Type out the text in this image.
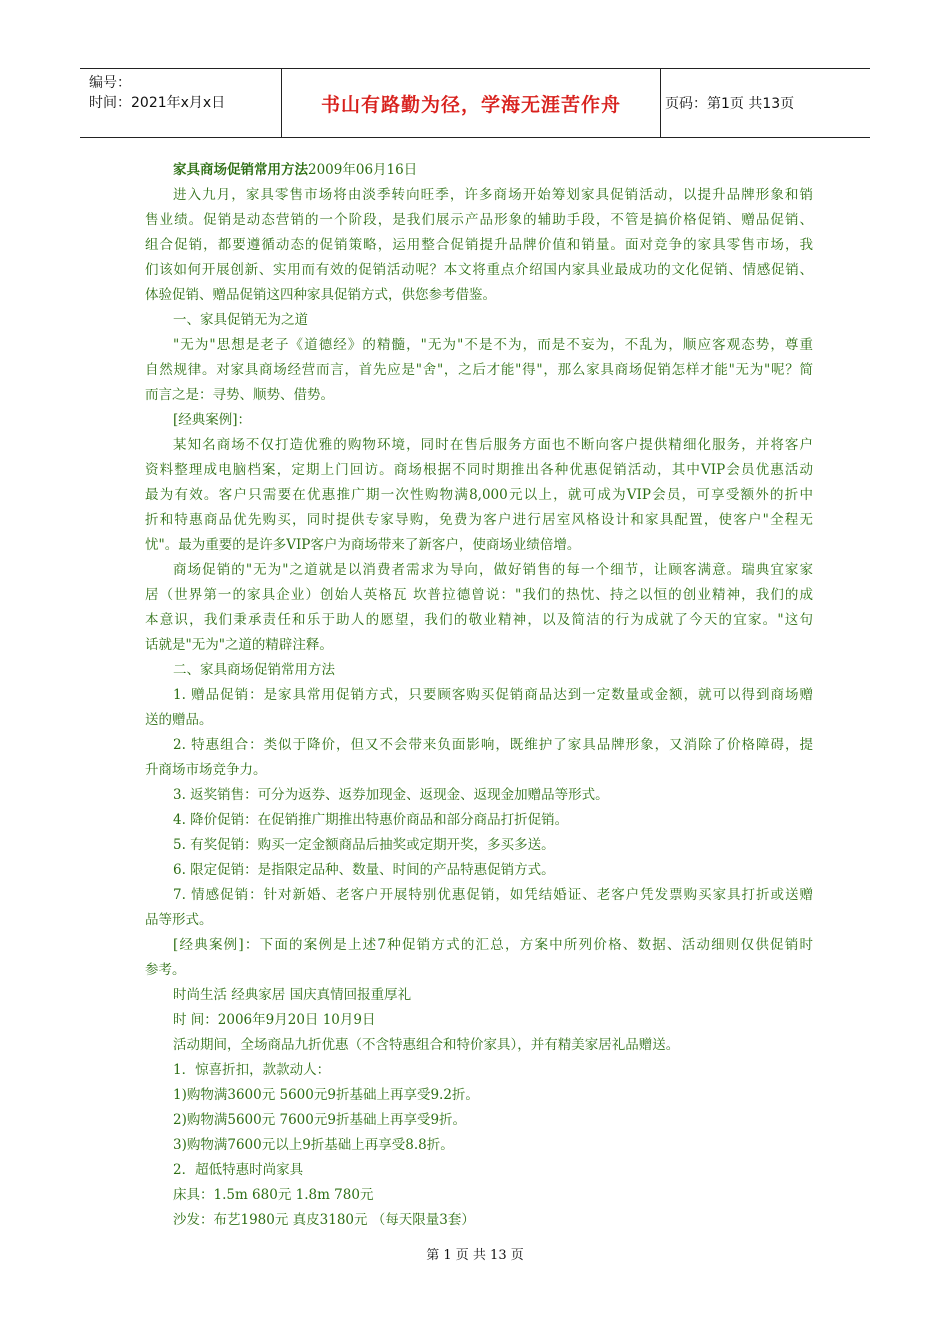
编号：
时间：2021年x月x日	书山有路勤为径，学海无涯苦作舟	页码：第1页 共13页
家具商场促销常用方法2009年06月16日
进入九月，家具零售市场将由淡季转向旺季，许多商场开始筹划家具促销活动，以提升品牌形象和销
售业绩。促销是动态营销的一个阶段，是我们展示产品形象的辅助手段，不管是搞价格促销、赠品促销、
组合促销，都要遵循动态的促销策略，运用整合促销提升品牌价值和销量。面对竞争的家具零售市场，我
们该如何开展创新、实用而有效的促销活动呢？本文将重点介绍国内家具业最成功的文化促销、情感促销、
体验促销、赠品促销这四种家具促销方式，供您参考借鉴。
一、家具促销无为之道
"无为"思想是老子《道德经》的精髓，"无为"不是不为，而是不妄为，不乱为，顺应客观态势，尊重
自然规律。对家具商场经营而言，首先应是"舍"，之后才能"得"，那么家具商场促销怎样才能"无为"呢？简
而言之是：寻势、顺势、借势。
[经典案例]：
某知名商场不仅打造优雅的购物环境，同时在售后服务方面也不断向客户提供精细化服务，并将客户
资料整理成电脑档案，定期上门回访。商场根据不同时期推出各种优惠促销活动，其中VIP会员优惠活动
最为有效。客户只需要在优惠推广期一次性购物满8,000元以上，就可成为VIP会员，可享受额外的折中
折和特惠商品优先购买，同时提供专家导购，免费为客户进行居室风格设计和家具配置，使客户"全程无
忧"。最为重要的是许多VIP客户为商场带来了新客户，使商场业绩倍增。
商场促销的"无为"之道就是以消费者需求为导向，做好销售的每一个细节，让顾客满意。瑞典宜家家
居（世界第一的家具企业）创始人英格瓦 坎普拉德曾说："我们的热忱、持之以恒的创业精神，我们的成
本意识，我们秉承责任和乐于助人的愿望，我们的敬业精神，以及简洁的行为成就了今天的宜家。"这句
话就是"无为"之道的精辟注释。
二、家具商场促销常用方法
1. 赠品促销：是家具常用促销方式，只要顾客购买促销商品达到一定数量或金额，就可以得到商场赠
送的赠品。
2. 特惠组合：类似于降价，但又不会带来负面影响，既维护了家具品牌形象，又消除了价格障碍，提
升商场市场竞争力。
3. 返奖销售：可分为返券、返券加现金、返现金、返现金加赠品等形式。
4. 降价促销：在促销推广期推出特惠价商品和部分商品打折促销。
5. 有奖促销：购买一定金额商品后抽奖或定期开奖，多买多送。
6. 限定促销：是指限定品种、数量、时间的产品特惠促销方式。
7. 情感促销：针对新婚、老客户开展特别优惠促销，如凭结婚证、老客户凭发票购买家具打折或送赠
品等形式。
[经典案例]：下面的案例是上述7种促销方式的汇总，方案中所列价格、数据、活动细则仅供促销时
参考。
时尚生活 经典家居 国庆真情回报重厚礼
时 间：2006年9月20日 10月9日
活动期间，全场商品九折优惠（不含特惠组合和特价家具），并有精美家居礼品赠送。
1．惊喜折扣，款款动人：
1)购物满3600元 5600元9折基础上再享受9.2折。
2)购物满5600元 7600元9折基础上再享受9折。
3)购物满7600元以上9折基础上再享受8.8折。
2．超低特惠时尚家具
床具：1.5m 680元 1.8m 780元
沙发：布艺1980元 真皮3180元 （每天限量3套）
第 1 页 共 13 页
